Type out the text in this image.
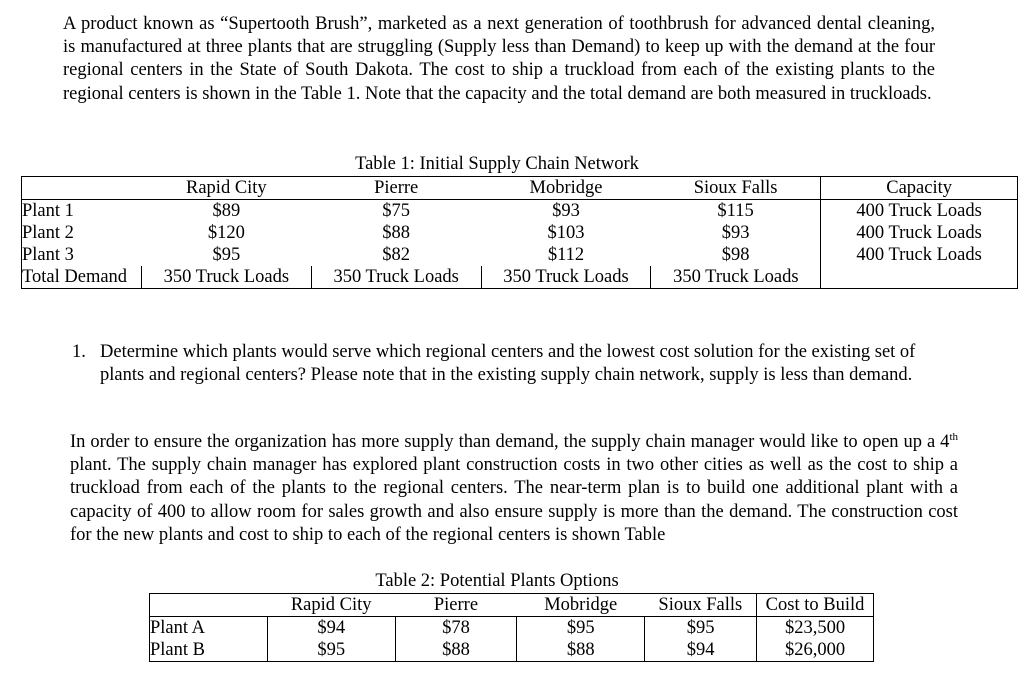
A product known as “Supertooth Brush”, marketed as a next generation of toothbrush for advanced dental cleaning, is manufactured at three plants that are struggling (Supply less than Demand) to keep up with the demand at the four regional centers in the State of South Dakota. The cost to ship a truckload from each of the existing plants to the regional centers is shown in the Table 1. Note that the capacity and the total demand are both measured in truckloads.

Table 1: Initial Supply Chain Network
	Rapid City	Pierre	Mobridge	Sioux Falls	Capacity
Plant 1	$89	$75	$93	$115	400 Truck Loads
Plant 2	$120	$88	$103	$93	400 Truck Loads
Plant 3	$95	$82	$112	$98	400 Truck Loads
Total Demand	350 Truck Loads	350 Truck Loads	350 Truck Loads	350 Truck Loads	
1. Determine which plants would serve which regional centers and the lowest cost solution for the existing set of plants and regional centers? Please note that in the existing supply chain network, supply is less than demand.

In order to ensure the organization has more supply than demand, the supply chain manager would like to open up a 4th plant. The supply chain manager has explored plant construction costs in two other cities as well as the cost to ship a truckload from each of the plants to the regional centers. The near-term plan is to build one additional plant with a capacity of 400 to allow room for sales growth and also ensure supply is more than the demand. The construction cost for the new plants and cost to ship to each of the regional centers is shown Table

Table 2: Potential Plants Options
	Rapid City	Pierre	Mobridge	Sioux Falls	Cost to Build
Plant A	$94	$78	$95	$95	$23,500
Plant B	$95	$88	$88	$94	$26,000
